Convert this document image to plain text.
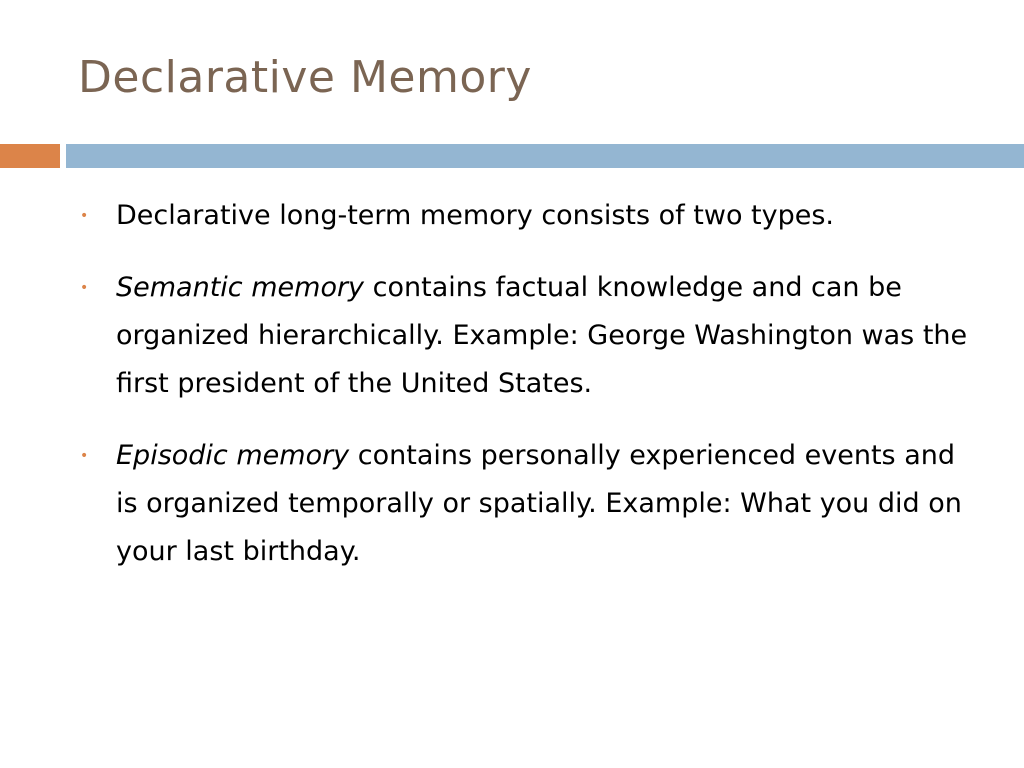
Declarative Memory
• Declarative long-term memory consists of two types.
• Semantic memory contains factual knowledge and can be organized hierarchically. Example: George Washington was the first president of the United States.
• Episodic memory contains personally experienced events and is organized temporally or spatially. Example: What you did on your last birthday.
